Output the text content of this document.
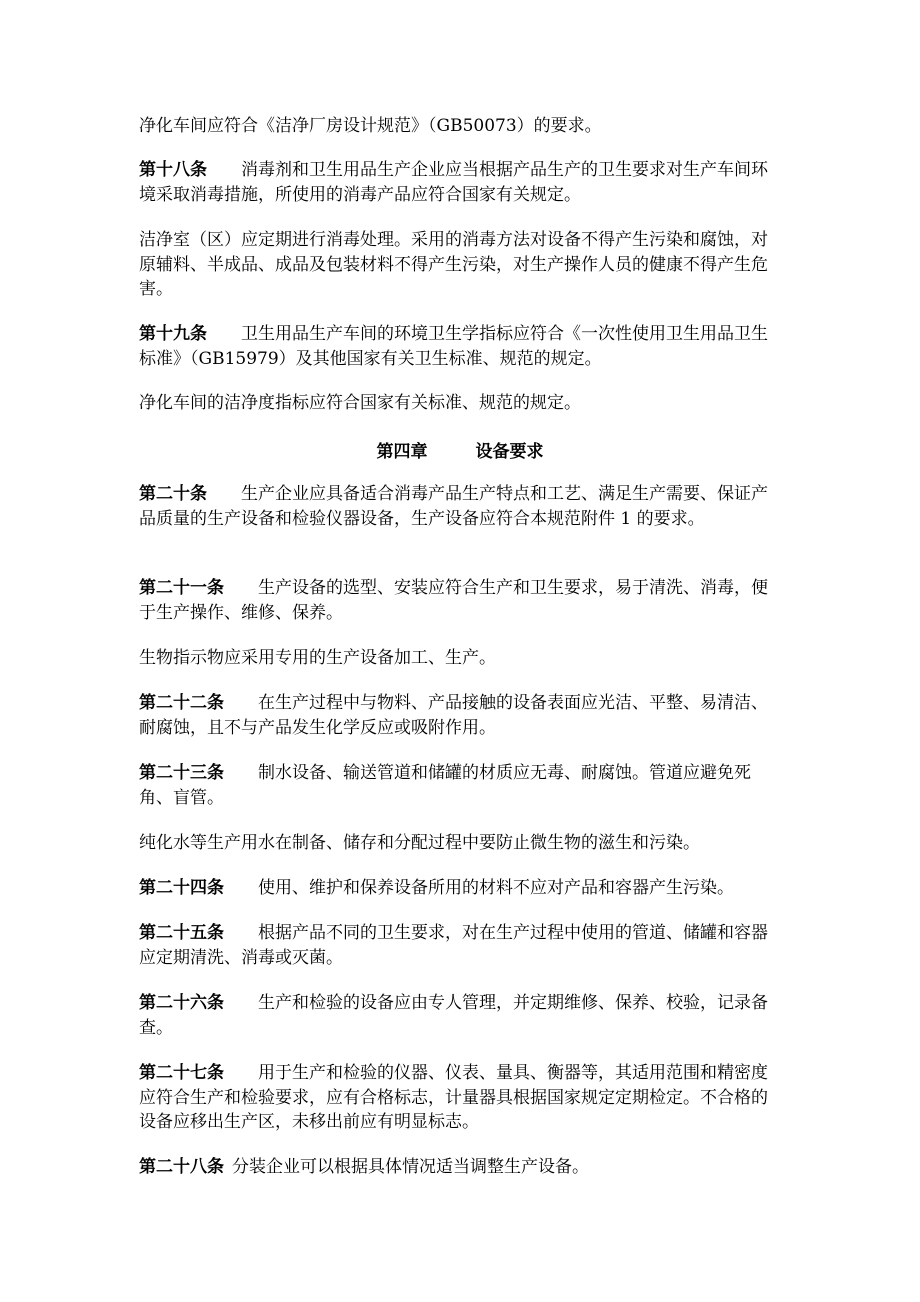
净化车间应符合《洁净厂房设计规范》（GB50073）的要求。

第十八条 消毒剂和卫生用品生产企业应当根据产品生产的卫生要求对生产车间环境采取消毒措施，所使用的消毒产品应符合国家有关规定。

洁净室（区）应定期进行消毒处理。采用的消毒方法对设备不得产生污染和腐蚀，对原辅料、半成品、成品及包装材料不得产生污染，对生产操作人员的健康不得产生危害。

第十九条 卫生用品生产车间的环境卫生学指标应符合《一次性使用卫生用品卫生标准》（GB15979）及其他国家有关卫生标准、规范的规定。

净化车间的洁净度指标应符合国家有关标准、规范的规定。

第四章	设备要求

第二十条 生产企业应具备适合消毒产品生产特点和工艺、满足生产需要、保证产品质量的生产设备和检验仪器设备，生产设备应符合本规范附件 1 的要求。

第二十一条 生产设备的选型、安装应符合生产和卫生要求，易于清洗、消毒，便于生产操作、维修、保养。

生物指示物应采用专用的生产设备加工、生产。

第二十二条 在生产过程中与物料、产品接触的设备表面应光洁、平整、易清洁、耐腐蚀，且不与产品发生化学反应或吸附作用。

第二十三条 制水设备、输送管道和储罐的材质应无毒、耐腐蚀。管道应避免死角、盲管。

纯化水等生产用水在制备、储存和分配过程中要防止微生物的滋生和污染。

第二十四条 使用、维护和保养设备所用的材料不应对产品和容器产生污染。

第二十五条 根据产品不同的卫生要求，对在生产过程中使用的管道、储罐和容器应定期清洗、消毒或灭菌。

第二十六条 生产和检验的设备应由专人管理，并定期维修、保养、校验，记录备查。

第二十七条 用于生产和检验的仪器、仪表、量具、衡器等，其适用范围和精密度应符合生产和检验要求，应有合格标志，计量器具根据国家规定定期检定。不合格的设备应移出生产区，未移出前应有明显标志。

第二十八条 分装企业可以根据具体情况适当调整生产设备。
